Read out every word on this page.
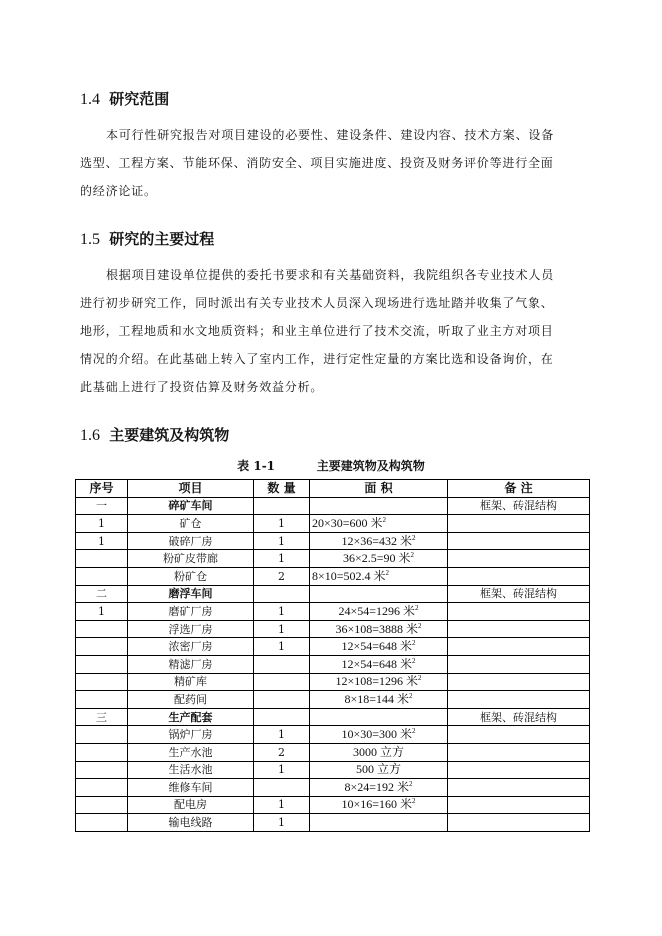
1.4 研究范围

本可行性研究报告对项目建设的必要性、建设条件、建设内容、技术方案、设备
选型、工程方案、节能环保、消防安全、项目实施进度、投资及财务评价等进行全面
的经济论证。

1.5 研究的主要过程

根据项目建设单位提供的委托书要求和有关基础资料，我院组织各专业技术人员
进行初步研究工作，同时派出有关专业技术人员深入现场进行选址踏并收集了气象、
地形，工程地质和水文地质资料；和业主单位进行了技术交流，听取了业主方对项目
情况的介绍。在此基础上转入了室内工作，进行定性定量的方案比选和设备询价，在
此基础上进行了投资估算及财务效益分析。

1.6 主要建筑及构筑物
表 1-1          主要建筑物及构筑物
序号	项目	数 量	面 积	备 注
一	碎矿车间			框架、砖混结构
1	矿仓	1	20×30=600 米$^2$	
1	破碎厂房	1	12×36=432 米$^2$	
	粉矿皮带廊	1	36×2.5=90 米$^2$	
	粉矿仓	2	8×10=502.4 米$^2$	
二	磨浮车间			框架、砖混结构
1	磨矿厂房	1	24×54=1296 米$^2$	
	浮选厂房	1	36×108=3888 米$^2$	
	浓密厂房	1	12×54=648 米$^2$	
	精滤厂房		12×54=648 米$^2$	
	精矿库		12×108=1296 米$^2$	
	配药间		8×18=144 米$^2$	
三	生产配套			框架、砖混结构
	锅炉厂房	1	10×30=300 米$^2$	
	生产水池	2	3000 立方	
	生活水池	1	500 立方	
	维修车间		8×24=192 米$^2$	
	配电房	1	10×16=160 米$^2$	
	输电线路	1		
